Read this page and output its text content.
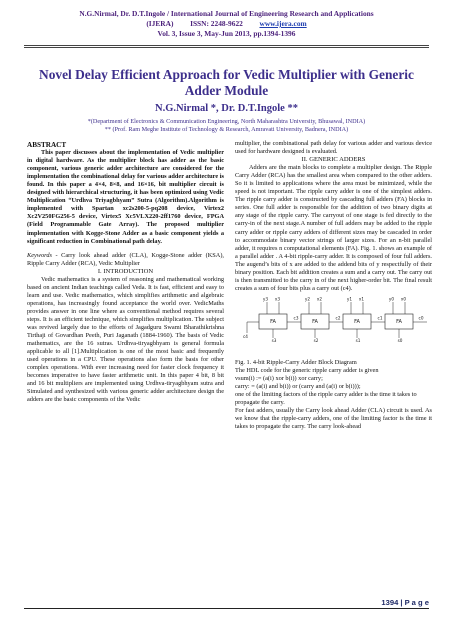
N.G.Nirmal, Dr. D.T.Ingole / International Journal of Engineering Research and Applications
(IJERA) ISSN: 2248-9622 www.ijera.com
Vol. 3, Issue 3, May-Jun 2013, pp.1394-1396
Novel Delay Efficient Approach for Vedic Multiplier with Generic Adder Module
N.G.Nirmal *, Dr. D.T.Ingole **
*(Department of Electronics & Communication Engineering, North Maharashtra University, Bhusawal, INDIA)
** (Prof. Ram Meghe Institute of Technology & Research, Amravati University, Badnera, INDIA)

ABSTRACT

This paper discusses about the implementation of Vedic multiplier in digital hardware. As the multiplier block has adder as the basic component, various generic adder architecture are considered for the implementation the combinational delay for various adder architecture is found. In this paper a 4×4, 8×8, and 16×16, bit multiplier circuit is designed with hierarchical structuring, it has been optimized using Vedic Multiplication “Urdhva Triyagbhyam” Sutra (Algorithm).Algorithm is implemented with Spartan xc2s200-5-pq208 device, Virtex2 Xc2V250FG256-5 device, Virtex5 Xc5VLX220-2ff1760 device, FPGA (Field Programmable Gate Array). The proposed multiplier implementation with Kogge-Stone Adder as a basic component yields a significant reduction in Combinational path delay.

Keywords - Carry look ahead adder (CLA), Kogge-Stone adder (KSA), Ripple Carry Adder (RCA), Vedic Multiplier

I. INTRODUCTION

Vedic mathematics is a system of reasoning and mathematical working based on ancient Indian teachings called Veda. It is fast, efficient and easy to learn and use. Vedic mathematics, which simplifies arithmetic and algebraic operations, has increasingly found acceptance the world over. VedicMaths provides answer in one line where as conventional method requires several steps. It is an efficient technique, which simplifies multiplication. The subject was revived largely due to the efforts of Jagadguru Swami Bharathikrishna Tirthaji of Govardhan Peeth, Puri Jaganath (1884-1960). The basis of Vedic mathematics, are the 16 sutras. Urdhva-tiryagbhyam is general formula applicable to all [1].Multiplication is one of the most basic and frequently used operations in a CPU. These operations also form the basis for other complex operations. With ever increasing need for faster clock frequency it becomes imperative to have faster arithmetic unit. In this paper 4 bit, 8 bit and 16 bit multipliers are implemented using Urdhva-tiryagbhyam sutra and Simulated and synthesized with various generic adder architecture design the adders are the basic components of the Vedic

multiplier, the combinational path delay for various adder and various device used for hardware designed is evaluated.

II. GENERIC ADDERS

Adders are the main blocks to complete a multiplier design. The Ripple Carry Adder (RCA) has the smallest area when compared to the other adders. So it is limited to applications where the area must be minimized, while the speed is not important. The ripple carry adder is one of the simplest adders. The ripple carry adder is constructed by cascading full adders (FA) blocks in series. One full adder is responsible for the addition of two binary digits at any stage of the ripple carry. The carryout of one stage is fed directly to the carry-in of the next stage.A number of full adders may be added to the ripple carry adder or ripple carry adders of different sizes may be cascaded in order to accommodate binary vector strings of larger sizes. For an n-bit parallel adder, it requires n computational elements (FA). Fig. 1. shows an example of a parallel adder . A 4-bit ripple-carry adder. It is composed of four full adders. The augend’s bits of x are added to the addend bits of y respectfully of their binary position. Each bit addition creates a sum and a carry out. The carry out is then transmitted to the carry in of the next higher-order bit. The final result creates a sum of four bits plus a carry out (c4).

FA
y3 x3
s3
c3
FA
y2 x2
s2
c2
FA
y1 x1
s1
c1
FA
y0 x0
s0
c4
c0

Fig. 1. 4-bit Ripple-Carry Adder Block Diagram

The HDL code for the generic ripple carry adder is given

vsum(i) := (a(i) xor b(i)) xor carry;

carry: = (a(i) and b(i)) or (carry and (a(i) or b(i)));

one of the limiting factors of the ripple carry adder is the time it takes to propagate the carry.

For fast adders, usually the Carry look ahead Adder (CLA) circuit is used. As we know that the ripple-carry adders, one of the limiting factor is the time it takes to propagate the carry. The carry look-ahead

1394 | P a g e
